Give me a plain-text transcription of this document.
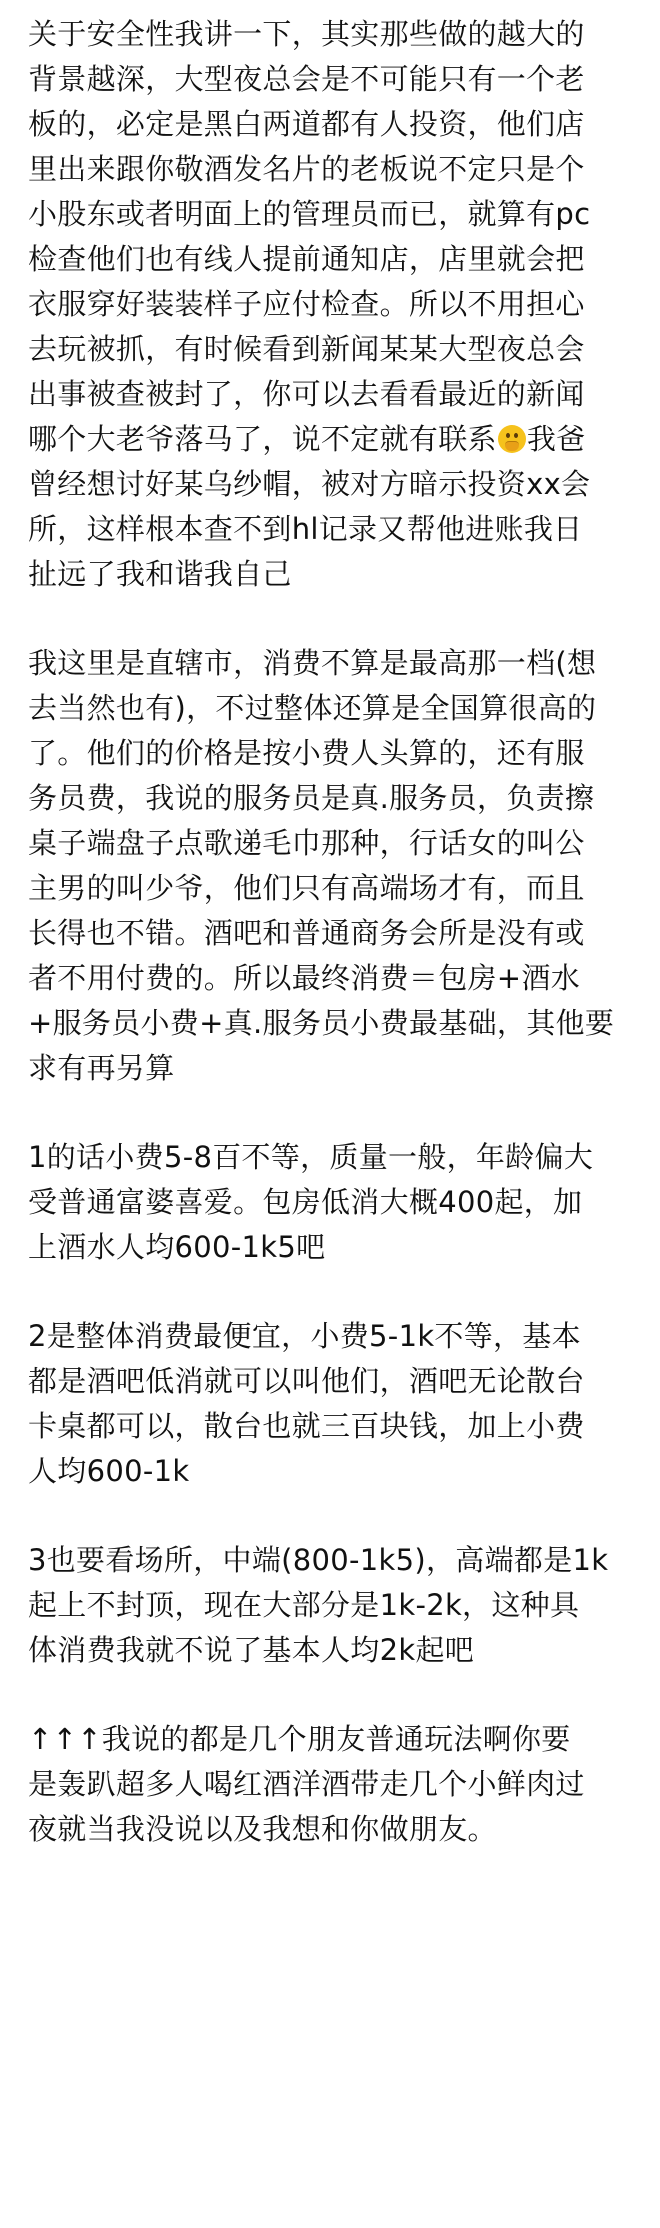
关于安全性我讲一下，其实那些做的越大的
背景越深，大型夜总会是不可能只有一个老
板的，必定是黑白两道都有人投资，他们店
里出来跟你敬酒发名片的老板说不定只是个
小股东或者明面上的管理员而已，就算有pc
检查他们也有线人提前通知店，店里就会把
衣服穿好装装样子应付检查。所以不用担心
去玩被抓，有时候看到新闻某某大型夜总会
出事被查被封了，你可以去看看最近的新闻
哪个大老爷落马了，说不定就有联系 我爸
曾经想讨好某乌纱帽，被对方暗示投资xx会
所，这样根本查不到hl记录又帮他进账我日
扯远了我和谐我自己
我这里是直辖市，消费不算是最高那一档(想
去当然也有)，不过整体还算是全国算很高的
了。他们的价格是按小费人头算的，还有服
务员费，我说的服务员是真.服务员，负责擦
桌子端盘子点歌递毛巾那种，行话女的叫公
主男的叫少爷，他们只有高端场才有，而且
长得也不错。酒吧和普通商务会所是没有或
者不用付费的。所以最终消费＝包房+酒水
+服务员小费+真.服务员小费最基础，其他要
求有再另算
1的话小费5-8百不等，质量一般，年龄偏大
受普通富婆喜爱。包房低消大概400起，加
上酒水人均600-1k5吧
2是整体消费最便宜，小费5-1k不等，基本
都是酒吧低消就可以叫他们，酒吧无论散台
卡桌都可以，散台也就三百块钱，加上小费
人均600-1k
3也要看场所，中端(800-1k5)，高端都是1k
起上不封顶，现在大部分是1k-2k，这种具
体消费我就不说了基本人均2k起吧
↑↑↑我说的都是几个朋友普通玩法啊你要
是轰趴超多人喝红酒洋酒带走几个小鲜肉过
夜就当我没说以及我想和你做朋友。
